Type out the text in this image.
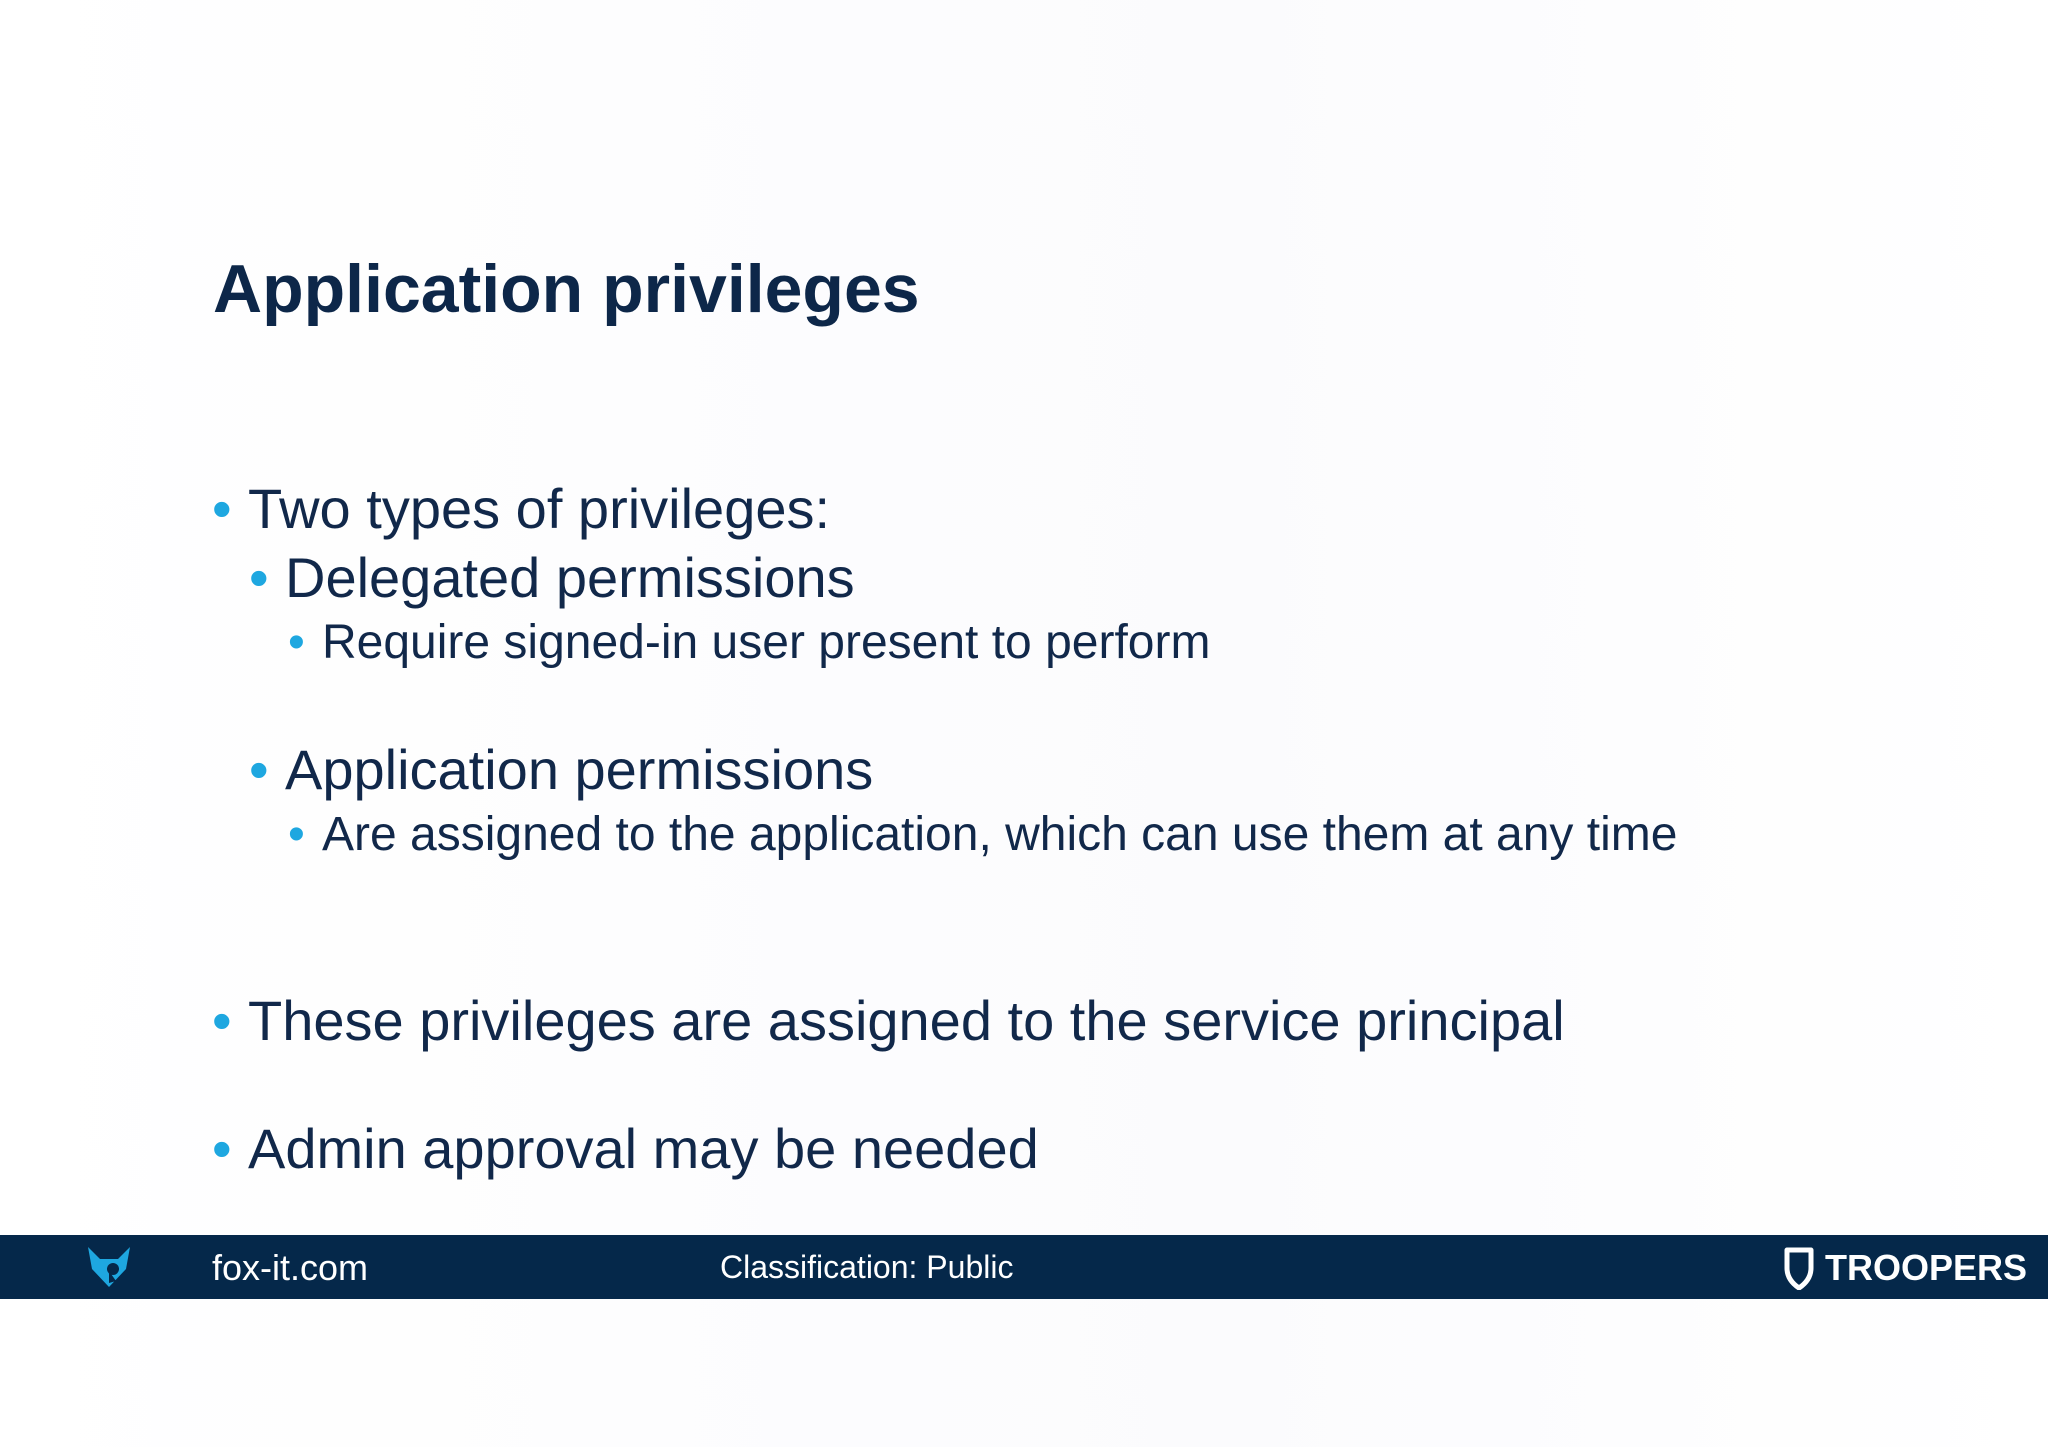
Application privileges
• Two types of privileges:
• Delegated permissions
• Require signed-in user present to perform
• Application permissions
• Are assigned to the application, which can use them at any time
• These privileges are assigned to the service principal
• Admin approval may be needed
fox-it.com	Classification: Public	TROOPERS
